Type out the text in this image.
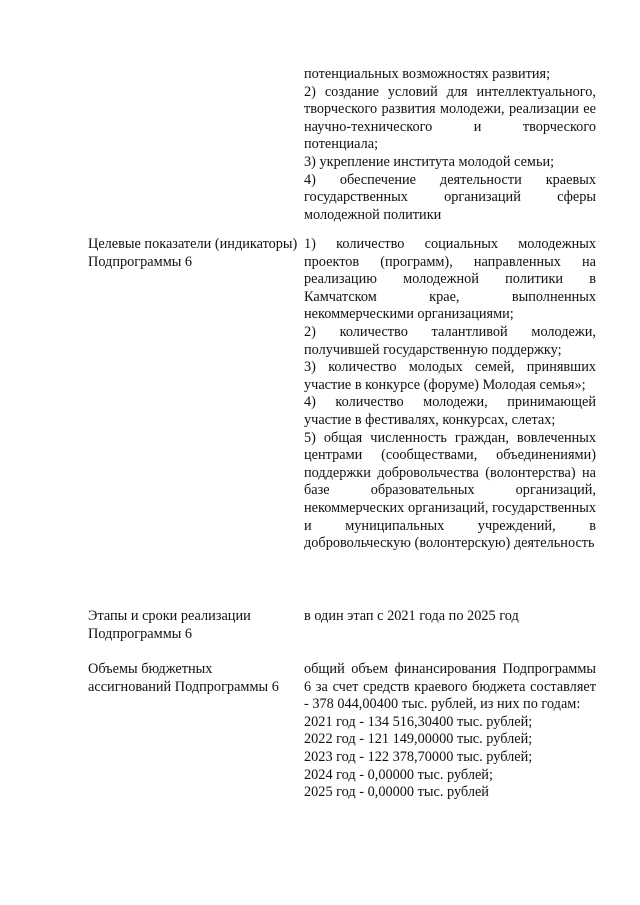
потенциальных возможностях развития;
2) создание условий для интеллектуального, творческого развития молодежи, реализации ее научно-технического и творческого потенциала;
3) укрепление института молодой семьи;
4) обеспечение деятельности краевых государственных организаций сферы молодежной политики
Целевые показатели (индикаторы) Подпрограммы 6
1) количество социальных молодежных проектов (программ), направленных на реализацию молодежной политики в Камчатском крае, выполненных некоммерческими организациями;
2) количество талантливой молодежи, получившей государственную поддержку;
3) количество молодых семей, принявших участие в конкурсе (форуме) Молодая семья»;
4) количество молодежи, принимающей участие в фестивалях, конкурсах, слетах;
5) общая численность граждан, вовлеченных центрами (сообществами, объединениями) поддержки добровольчества (волонтерства) на базе образовательных организаций, некоммерческих организаций, государственных и муниципальных учреждений, в добровольческую (волонтерскую) деятельность
Этапы и сроки реализации Подпрограммы 6
в один этап с 2021 года по 2025 год
Объемы бюджетных ассигнований Подпрограммы 6
общий объем финансирования Подпрограммы 6 за счет средств краевого бюджета составляет - 378 044,00400 тыс. рублей, из них по годам:
2021 год - 134 516,30400 тыс. рублей;
2022 год - 121 149,00000 тыс. рублей;
2023 год - 122 378,70000 тыс. рублей;
2024 год - 0,00000 тыс. рублей;
2025 год - 0,00000 тыс. рублей
